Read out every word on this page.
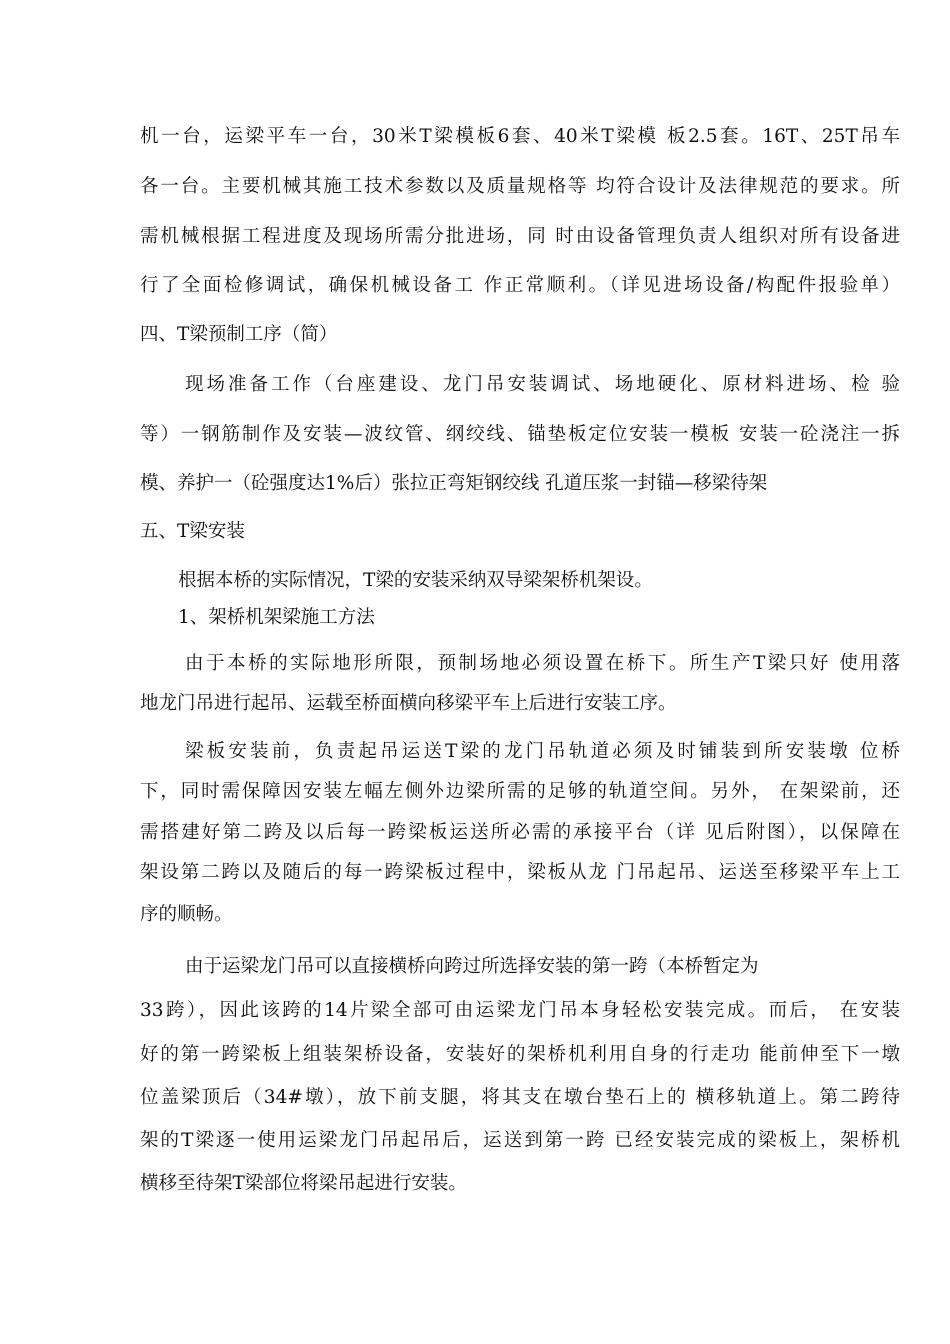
机一台，运梁平车一台，30米T梁模板6套、40米T梁模 板2.5套。16T、25T吊车
各一台。主要机械其施工技术参数以及质量规格等 均符合设计及法律规范的要求。所
需机械根据工程进度及现场所需分批进场，同 时由设备管理负责人组织对所有设备进
行了全面检修调试，确保机械设备工 作正常顺利。（详见进场设备/构配件报验单）
四、T梁预制工序（简）
现场准备工作（台座建设、龙门吊安装调试、场地硬化、原材料进场、检 验
等）一钢筋制作及安装—波纹管、纲绞线、锚垫板定位安装一模板 安装一砼浇注一拆
模、养护一（砼强度达1%后）张拉正弯矩钢绞线 孔道压浆一封锚—移梁待架
五、T梁安装
根据本桥的实际情况，T梁的安装采纳双导梁架桥机架设。
1、架桥机架梁施工方法
由于本桥的实际地形所限，预制场地必须设置在桥下。所生产T梁只好 使用落
地龙门吊进行起吊、运载至桥面横向移梁平车上后进行安装工序。
梁板安装前，负责起吊运送T梁的龙门吊轨道必须及时铺装到所安装墩 位桥
下，同时需保障因安装左幅左侧外边梁所需的足够的轨道空间。另外， 在架梁前，还
需搭建好第二跨及以后每一跨梁板运送所必需的承接平台（详 见后附图），以保障在
架设第二跨以及随后的每一跨梁板过程中，梁板从龙 门吊起吊、运送至移梁平车上工
序的顺畅。
由于运梁龙门吊可以直接横桥向跨过所选择安装的第一跨（本桥暂定为
33跨），因此该跨的14片梁全部可由运梁龙门吊本身轻松安装完成。而后， 在安装
好的第一跨梁板上组装架桥设备，安装好的架桥机利用自身的行走功 能前伸至下一墩
位盖梁顶后（34#墩），放下前支腿，将其支在墩台垫石上的 横移轨道上。第二跨待
架的T梁逐一使用运梁龙门吊起吊后，运送到第一跨 已经安装完成的梁板上，架桥机
横移至待架T梁部位将梁吊起进行安装。
